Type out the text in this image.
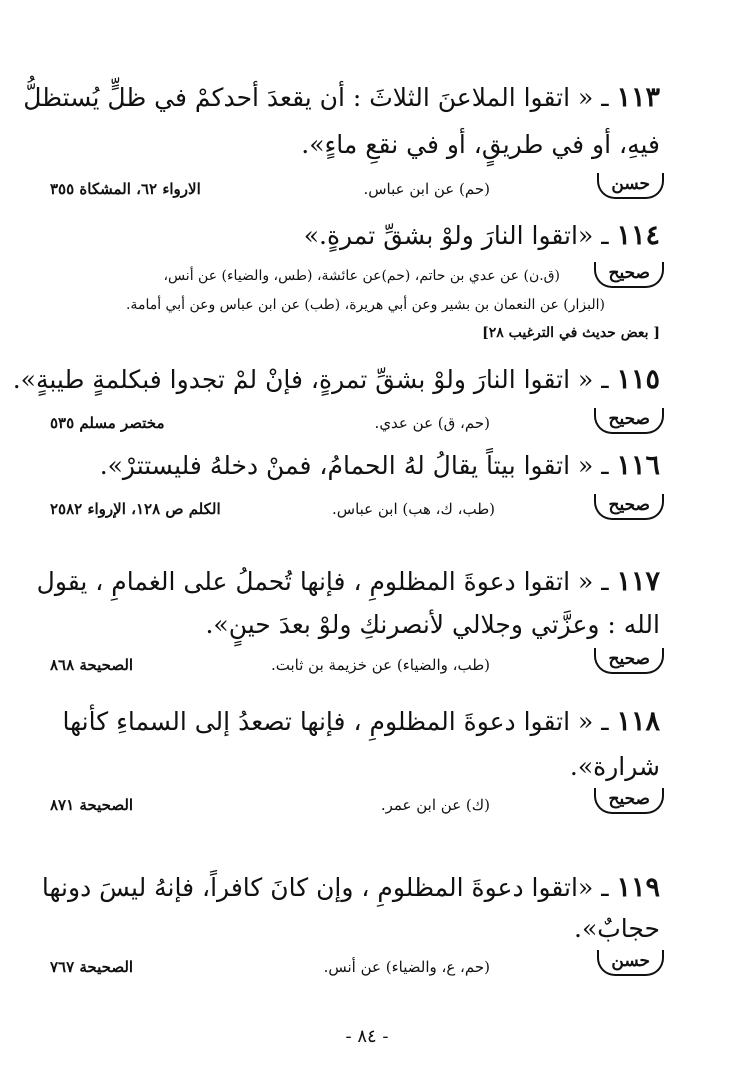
١١٣ ـ « اتقوا الملاعنَ الثلاثَ : أن يقعدَ أحدكمْ في ظلٍّ يُستظلُّ
فيهِ، أو في طريقٍ، أو في نقعِ ماءٍ».
حسن
(حم) عن ابن عباس.
الارواء ٦٢، المشكاة ٣٥٥
١١٤ ـ «اتقوا النارَ ولوْ بشقِّ تمرةٍ.»
صحيح
(ق.ن) عن عدي بن حاتم، (حم)عن عائشة، (طس، والضياء) عن أنس،
(البزار) عن النعمان بن بشير وعن أبي هريرة، (طب) عن ابن عباس وعن أبي أمامة.
[ بعض حديث في الترغيب ٢٨]
١١٥ ـ « اتقوا النارَ ولوْ بشقِّ تمرةٍ، فإنْ لمْ تجدوا فبكلمةٍ طيبةٍ».
صحيح
(حم، ق) عن عدي.
مختصر مسلم ٥٣٥
١١٦ ـ « اتقوا بيتاً يقالُ لهُ الحمامُ، فمنْ دخلهُ فليستترْ».
صحيح
(طب، ك، هب) ابن عباس.
الكلم ص ١٢٨، الإرواء ٢٥٨٢
١١٧ ـ « اتقوا دعوةَ المظلومِ ، فإنها تُحملُ على الغمامِ ، يقول
الله : وعزَّتي وجلالي لأنصرنكِ ولوْ بعدَ حينٍ».
صحيح
(طب، والضياء) عن خزيمة بن ثابت.
الصحيحة ٨٦٨
١١٨ ـ « اتقوا دعوةَ المظلومِ ، فإنها تصعدُ إلى السماءِ كأنها
شرارة».
صحيح
(ك) عن ابن عمر.
الصحيحة ٨٧١
١١٩ ـ «اتقوا دعوةَ المظلومِ ، وإن كانَ كافراً، فإنهُ ليسَ دونها
حجابٌ».
حسن
(حم، ع، والضياء) عن أنس.
الصحيحة ٧٦٧
- ٨٤ -
